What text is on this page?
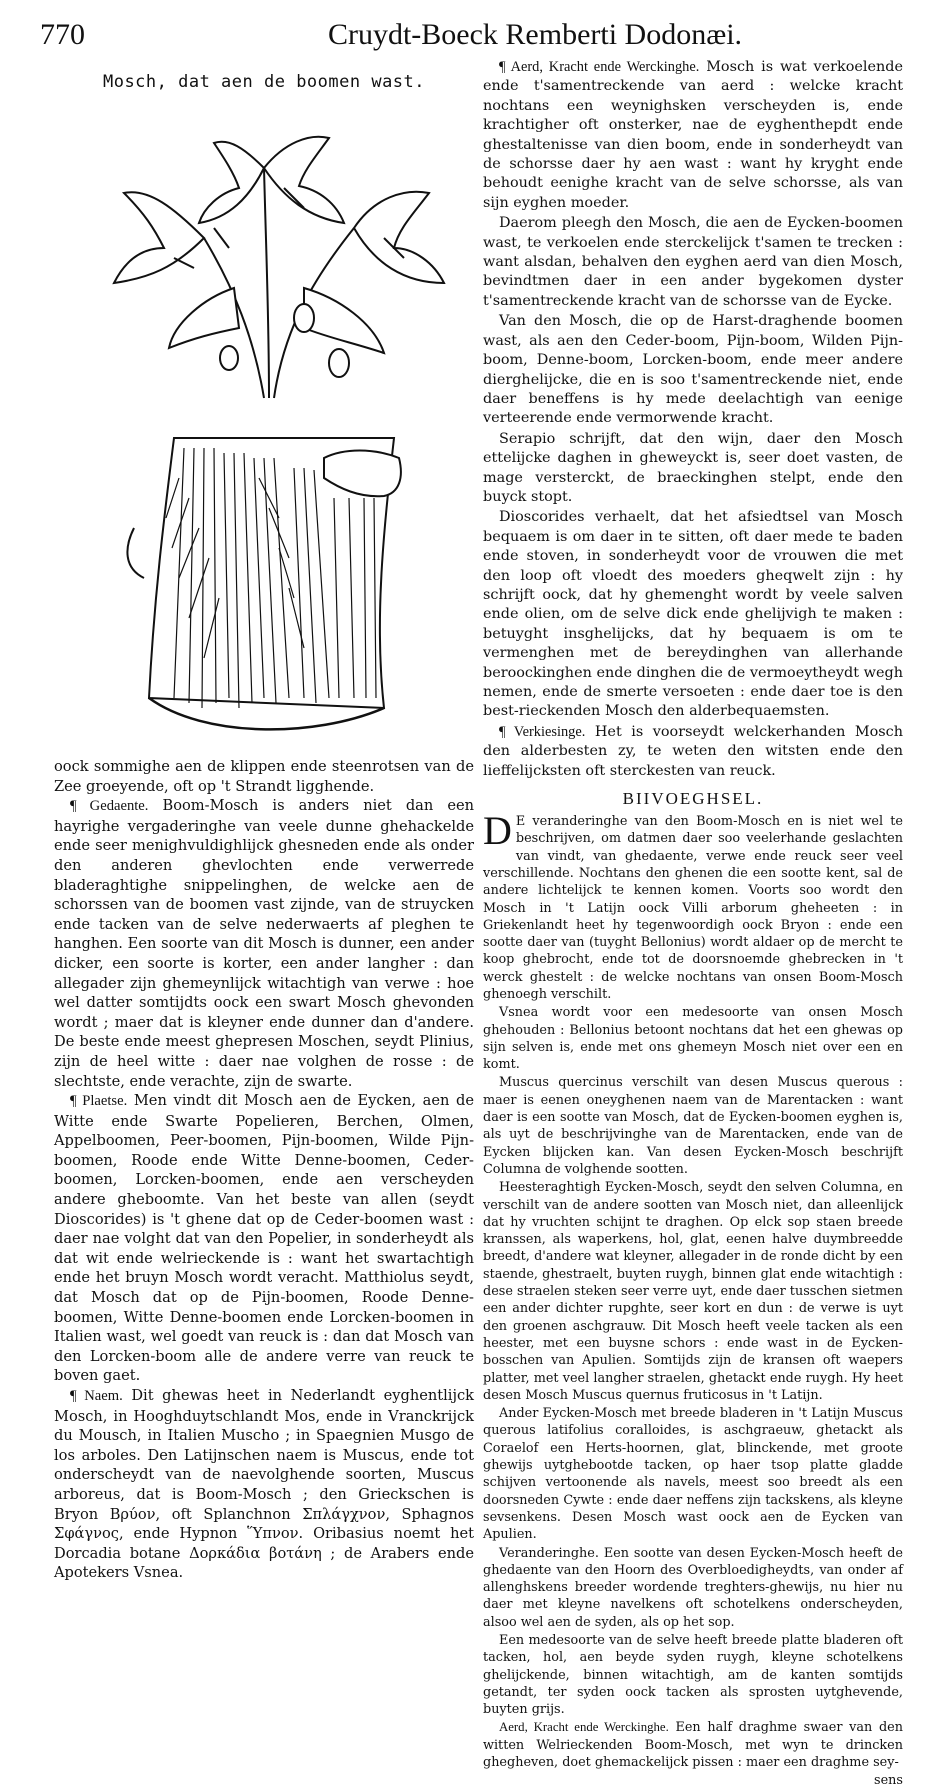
770	Cruydt-Boeck Remberti Dodonæi.
Mosch, dat aen de boomen wast.

oock sommighe aen de klippen ende steenrotsen van de Zee groeyende, oft op 't Strandt ligghende.

¶ Gedaente. Boom-Mosch is anders niet dan een hayrighe vergaderinghe van veele dunne ghehackelde ende seer menighvuldighlijck ghesneden ende als onder den anderen ghevlochten ende verwerrede bladeraghtighe snippelinghen, de welcke aen de schorssen van de boomen vast zijnde, van de struycken ende tacken van de selve nederwaerts af pleghen te hanghen. Een soorte van dit Mosch is dunner, een ander dicker, een soorte is korter, een ander langher : dan allegader zijn ghemeynlijck witachtigh van verwe : hoe wel datter somtijdts oock een swart Mosch ghevonden wordt ; maer dat is kleyner ende dunner dan d'andere. De beste ende meest ghepresen Moschen, seydt Plinius, zijn de heel witte : daer nae volghen de rosse : de slechtste, ende verachte, zijn de swarte.

¶ Plaetse. Men vindt dit Mosch aen de Eycken, aen de Witte ende Swarte Popelieren, Berchen, Olmen, Appelboomen, Peer-boomen, Pijn-boomen, Wilde Pijn-boomen, Roode ende Witte Denne-boomen, Ceder-boomen, Lorcken-boomen, ende aen verscheyden andere gheboomte. Van het beste van allen (seydt Dioscorides) is 't ghene dat op de Ceder-boomen wast : daer nae volght dat van den Popelier, in sonderheydt als dat wit ende welrieckende is : want het swartachtigh ende het bruyn Mosch wordt veracht. Matthiolus seydt, dat Mosch dat op de Pijn-boomen, Roode Denne-boomen, Witte Denne-boomen ende Lorcken-boomen in Italien wast, wel goedt van reuck is : dan dat Mosch van den Lorcken-boom alle de andere verre van reuck te boven gaet.

¶ Naem. Dit ghewas heet in Nederlandt eyghentlijck Mosch, in Hooghduytschlandt Mos, ende in Vranckrijck du Mousch, in Italien Muscho ; in Spaegnien Musgo de los arboles. Den Latijnschen naem is Muscus, ende tot onderscheydt van de naevolghende soorten, Muscus arboreus, dat is Boom-Mosch ; den Grieckschen is Bryon Βρύον, oft Splanchnon Σπλάγχνον, Sphagnos Σφάγνος, ende Hypnon Ὕπνον. Oribasius noemt het Dorcadia botane Δορκάδια βοτάνη ; de Arabers ende Apotekers Vsnea.

¶ Aerd, Kracht ende Werckinghe. Mosch is wat verkoelende ende t'samentreckende van aerd : welcke kracht nochtans een weynighsken verscheyden is, ende krachtigher oft onsterker, nae de eyghenthepdt ende ghestaltenisse van dien boom, ende in sonderheydt van de schorsse daer hy aen wast : want hy kryght ende behoudt eenighe kracht van de selve schorsse, als van sijn eyghen moeder.

Daerom pleegh den Mosch, die aen de Eycken-boomen wast, te verkoelen ende sterckelijck t'samen te trecken : want alsdan, behalven den eyghen aerd van dien Mosch, bevindtmen daer in een ander bygekomen dyster t'samentreckende kracht van de schorsse van de Eycke.

Van den Mosch, die op de Harst-draghende boomen wast, als aen den Ceder-boom, Pijn-boom, Wilden Pijn-boom, Denne-boom, Lorcken-boom, ende meer andere dierghelijcke, die en is soo t'samentreckende niet, ende daer beneffens is hy mede deelachtigh van eenige verteerende ende vermorwende kracht.

Serapio schrijft, dat den wijn, daer den Mosch ettelijcke daghen in gheweyckt is, seer doet vasten, de mage versterckt, de braeckinghen stelpt, ende den buyck stopt.

Dioscorides verhaelt, dat het afsiedtsel van Mosch bequaem is om daer in te sitten, oft daer mede te baden ende stoven, in sonderheydt voor de vrouwen die met den loop oft vloedt des moeders gheqwelt zijn : hy schrijft oock, dat hy ghemenght wordt by veele salven ende olien, om de selve dick ende ghelijvigh te maken : betuyght insghelijcks, dat hy bequaem is om te vermenghen met de bereydinghen van allerhande beroockinghen ende dinghen die de vermoeytheydt wegh nemen, ende de smerte versoeten : ende daer toe is den best-rieckenden Mosch den alderbequaemsten.

¶ Verkiesinge. Het is voorseydt welckerhanden Mosch den alderbesten zy, te weten den witsten ende den lieffelijcksten oft sterckesten van reuck.

BIIVOEGHSEL.

D E veranderinghe van den Boom-Mosch en is niet wel te beschrijven, om datmen daer soo veelerhande geslachten van vindt, van ghedaente, verwe ende reuck seer veel verschillende. Nochtans den ghenen die een sootte kent, sal de andere lichtelijck te kennen komen. Voorts soo wordt den Mosch in 't Latijn oock Villi arborum gheheeten : in Griekenlandt heet hy tegenwoordigh oock Bryon : ende een sootte daer van (tuyght Bellonius) wordt aldaer op de mercht te koop ghebrocht, ende tot de doorsnoemde ghebrecken in 't werck ghestelt : de welcke nochtans van onsen Boom-Mosch ghenoegh verschilt.

Vsnea wordt voor een medesoorte van onsen Mosch ghehouden : Bellonius betoont nochtans dat het een ghewas op sijn selven is, ende met ons ghemeyn Mosch niet over een en komt.

Muscus quercinus verschilt van desen Muscus querous : maer is eenen oneyghenen naem van de Marentacken : want daer is een sootte van Mosch, dat de Eycken-boomen eyghen is, als uyt de beschrijvinghe van de Marentacken, ende van de Eycken blijcken kan. Van desen Eycken-Mosch beschrijft Columna de volghende sootten.

Heesteraghtigh Eycken-Mosch, seydt den selven Columna, en verschilt van de andere sootten van Mosch niet, dan alleenlijck dat hy vruchten schijnt te draghen. Op elck sop staen breede kranssen, als waperkens, hol, glat, eenen halve duymbreedde breedt, d'andere wat kleyner, allegader in de ronde dicht by een staende, ghestraelt, buyten ruygh, binnen glat ende witachtigh : dese straelen steken seer verre uyt, ende daer tusschen sietmen een ander dichter rupghte, seer kort en dun : de verwe is uyt den groenen aschgrauw. Dit Mosch heeft veele tacken als een heester, met een buysne schors : ende wast in de Eycken-bosschen van Apulien. Somtijds zijn de kransen oft waepers platter, met veel langher straelen, ghetackt ende ruygh. Hy heet desen Mosch Muscus quernus fruticosus in 't Latijn.

Ander Eycken-Mosch met breede bladeren in 't Latijn Muscus querous latifolius coralloides, is aschgraeuw, ghetackt als Coraelof een Herts-hoornen, glat, blinckende, met groote ghewijs uytghebootde tacken, op haer tsop platte gladde schijven vertoonende als navels, meest soo breedt als een doorsneden Cywte : ende daer neffens zijn tackskens, als kleyne sevsenkens. Desen Mosch wast oock aen de Eycken van Apulien.

Veranderinghe. Een sootte van desen Eycken-Mosch heeft de ghedaente van den Hoorn des Overbloedigheydts, van onder af allenghskens breeder wordende treghters-ghewijs, nu hier nu daer met kleyne navelkens oft schotelkens onderscheyden, alsoo wel aen de syden, als op het sop.

Een medesoorte van de selve heeft breede platte bladeren oft tacken, hol, aen beyde syden ruygh, kleyne schotelkens ghelijckende, binnen witachtigh, am de kanten somtijds getandt, ter syden oock tacken als sprosten uytghevende, buyten grijs.

Aerd, Kracht ende Werckinghe. Een half draghme swaer van den witten Welrieckenden Boom-Mosch, met wyn te drincken ghegheven, doet ghemackelijck pissen : maer een draghme sey-

sens
